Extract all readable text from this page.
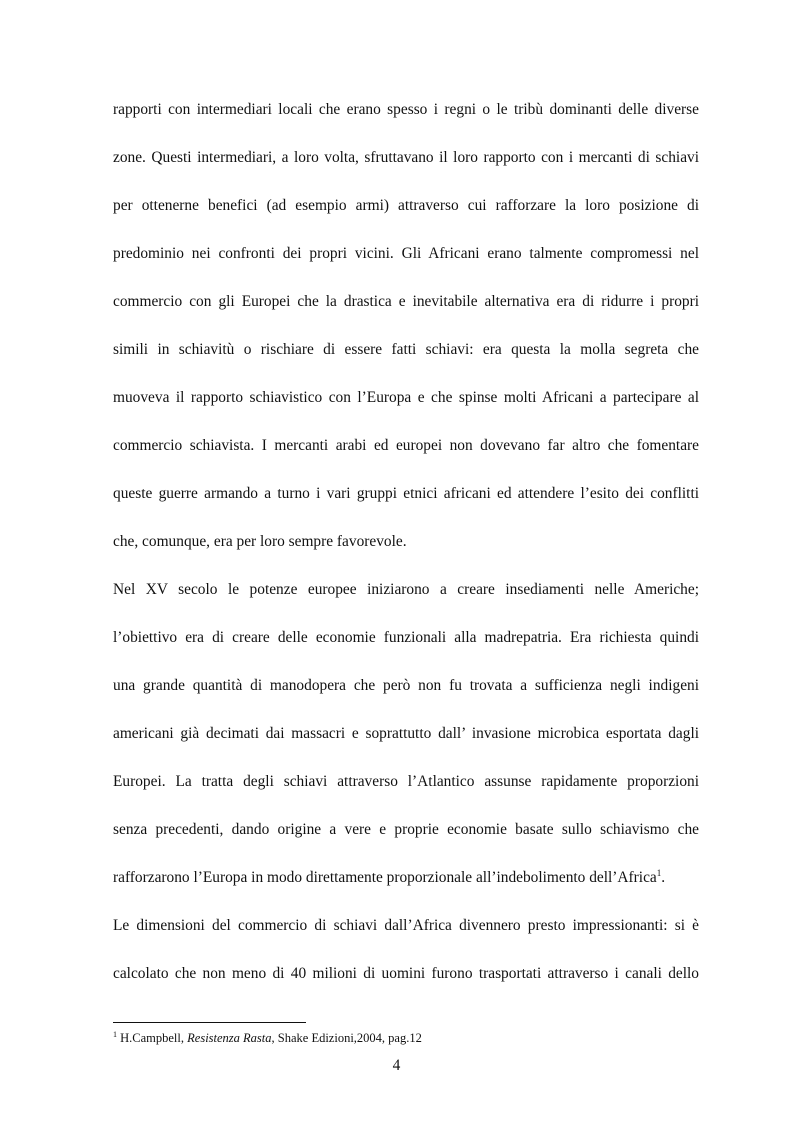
rapporti con intermediari locali che erano spesso i regni o le tribù dominanti delle diverse
zone. Questi intermediari, a loro volta, sfruttavano il loro rapporto con i mercanti di schiavi
per ottenerne benefici (ad esempio armi) attraverso cui rafforzare la loro posizione di
predominio nei confronti dei propri vicini. Gli Africani erano talmente compromessi nel
commercio con gli Europei che la drastica e inevitabile alternativa era di ridurre i propri
simili in schiavitù o rischiare di essere fatti schiavi: era questa la molla segreta che
muoveva il rapporto schiavistico con l’Europa e che spinse molti Africani a partecipare al
commercio schiavista. I mercanti arabi ed europei non dovevano far altro che fomentare
queste guerre armando a turno i vari gruppi etnici africani ed attendere l’esito dei conflitti
che, comunque, era per loro sempre favorevole.
Nel XV secolo le potenze europee iniziarono a creare insediamenti nelle Americhe;
l’obiettivo era di creare delle economie funzionali alla madrepatria. Era richiesta quindi
una grande quantità di manodopera che però non fu trovata a sufficienza negli indigeni
americani già decimati dai massacri e soprattutto dall’ invasione microbica esportata dagli
Europei. La tratta degli schiavi attraverso l’Atlantico assunse rapidamente proporzioni
senza precedenti, dando origine a vere e proprie economie basate sullo schiavismo che
rafforzarono l’Europa in modo direttamente proporzionale all’indebolimento dell’Africa$^1$.
Le dimensioni del commercio di schiavi dall’Africa divennero presto impressionanti: si è
calcolato che non meno di 40 milioni di uomini furono trasportati attraverso i canali dello
$^1$ H.Campbell, Resistenza Rasta, Shake Edizioni,2004, pag.12
4
